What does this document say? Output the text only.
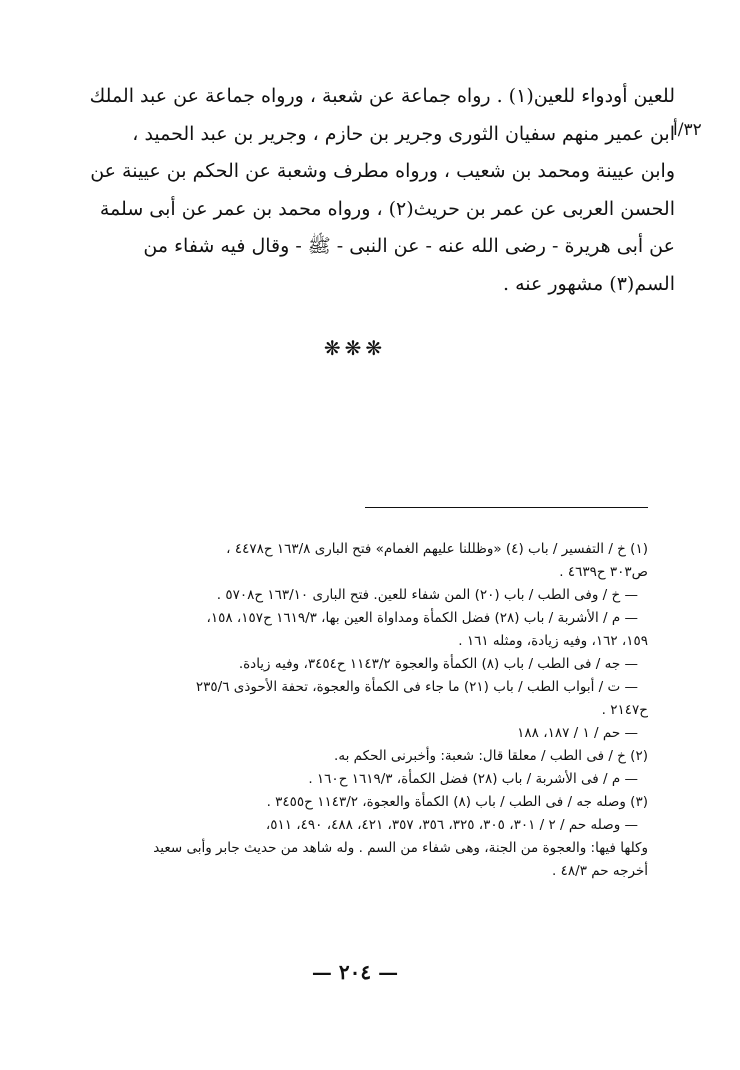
للعين أودواء للعين(١) . رواه جماعة عن شعبة ، ورواه جماعة عن عبد الملك
ابن عمير منهم سفيان الثورى وجرير بن حازم ، وجرير بن عبد الحميد ،
وابن عيينة ومحمد بن شعيب ، ورواه مطرف وشعبة عن الحكم بن عيينة عن
الحسن العربى عن عمر بن حريث(٢) ، ورواه محمد بن عمر عن أبى سلمة
عن أبى هريرة - رضى الله عنه - عن النبى - ﷺ - وقال فيه شفاء من
السم(٣) مشهور عنه .
٣٢/أ
❋❋❋
(١) خ / التفسير / باب (٤) «وظللنا عليهم الغمام» فتح البارى ١٦٣/٨ ح٤٤٧٨ ،
ص٣٠٣ ح٤٦٣٩ .
— خ / وفى الطب / باب (٢٠) المن شفاء للعين. فتح البارى ١٦٣/١٠ ح٥٧٠٨ .
— م / الأشربة / باب (٢٨) فضل الكمأة ومداواة العين بها، ١٦١٩/٣ ح١٥٧، ١٥٨،
١٥٩، ١٦٢، وفيه زيادة، ومثله ١٦١ .
— جه / فى الطب / باب (٨) الكمأة والعجوة ١١٤٣/٢ ح٣٤٥٤، وفيه زيادة.
— ت / أبواب الطب / باب (٢١) ما جاء فى الكمأة والعجوة، تحفة الأحوذى ٢٣٥/٦
ح٢١٤٧ .
— حم / ١ / ١٨٧، ١٨٨
(٢) خ / فى الطب / معلقا قال: شعبة: وأخبرنى الحكم به.
— م / فى الأشربة / باب (٢٨) فضل الكمأة، ١٦١٩/٣ ح١٦٠ .
(٣) وصله جه / فى الطب / باب (٨) الكمأة والعجوة، ١١٤٣/٢ ح٣٤٥٥ .
— وصله حم / ٢ / ٣٠١، ٣٠٥، ٣٢٥، ٣٥٦، ٣٥٧، ٤٢١، ٤٨٨، ٤٩٠، ٥١١،
وكلها فيها: والعجوة من الجنة، وهى شفاء من السم . وله شاهد من حديث جابر وأبى سعيد
أخرجه حم ٤٨/٣ .
— ٢٠٤ —
